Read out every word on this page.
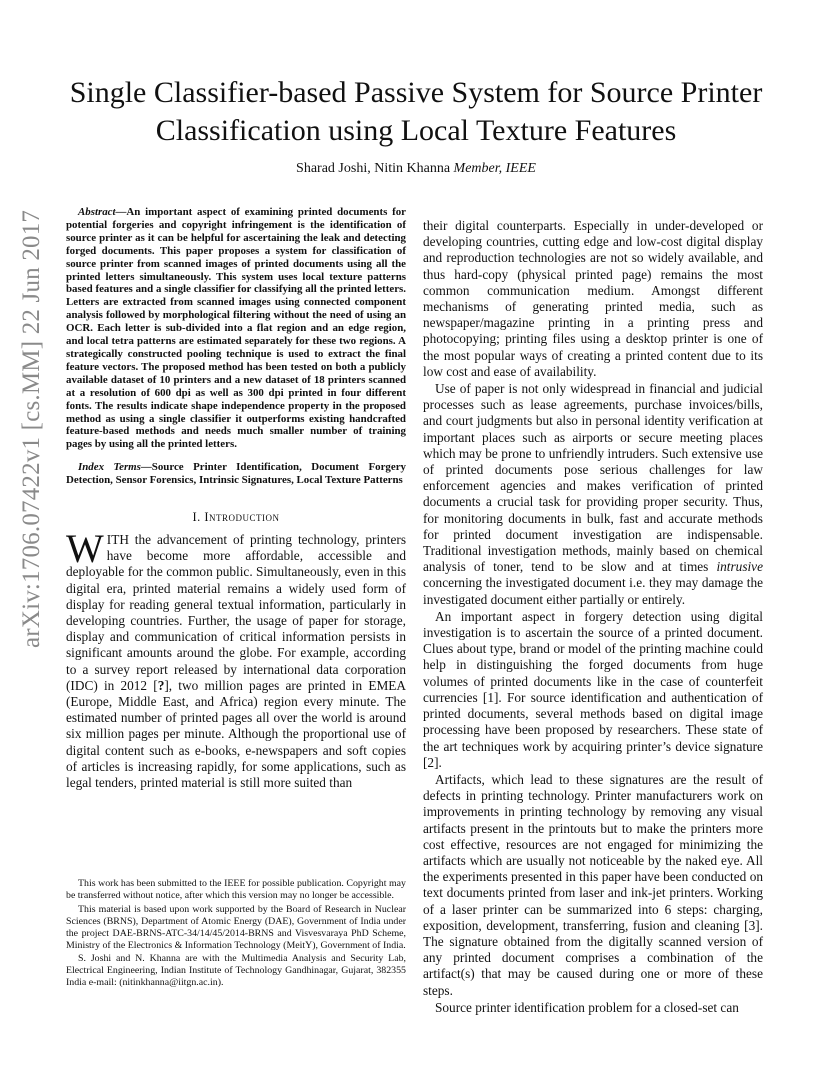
arXiv:1706.07422v1 [cs.MM] 22 Jun 2017
Single Classifier-based Passive System for Source Printer Classification using Local Texture Features
Sharad Joshi, Nitin Khanna Member, IEEE

Abstract—An important aspect of examining printed documents for potential forgeries and copyright infringement is the identification of source printer as it can be helpful for ascertaining the leak and detecting forged documents. This paper proposes a system for classification of source printer from scanned images of printed documents using all the printed letters simultaneously. This system uses local texture patterns based features and a single classifier for classifying all the printed letters. Letters are extracted from scanned images using connected component analysis followed by morphological filtering without the need of using an OCR. Each letter is sub-divided into a flat region and an edge region, and local tetra patterns are estimated separately for these two regions. A strategically constructed pooling technique is used to extract the final feature vectors. The proposed method has been tested on both a publicly available dataset of 10 printers and a new dataset of 18 printers scanned at a resolution of 600 dpi as well as 300 dpi printed in four different fonts. The results indicate shape independence property in the proposed method as using a single classifier it outperforms existing handcrafted feature-based methods and needs much smaller number of training pages by using all the printed letters.

Index Terms—Source Printer Identification, Document Forgery Detection, Sensor Forensics, Intrinsic Signatures, Local Texture Patterns

I. Introduction

WITH the advancement of printing technology, printers have become more affordable, accessible and deployable for the common public. Simultaneously, even in this digital era, printed material remains a widely used form of display for reading general textual information, particularly in developing countries. Further, the usage of paper for storage, display and communication of critical information persists in significant amounts around the globe. For example, according to a survey report released by international data corporation (IDC) in 2012 [?], two million pages are printed in EMEA (Europe, Middle East, and Africa) region every minute. The estimated number of printed pages all over the world is around six million pages per minute. Although the proportional use of digital content such as e-books, e-newspapers and soft copies of articles is increasing rapidly, for some applications, such as legal tenders, printed material is still more suited than

This work has been submitted to the IEEE for possible publication. Copyright may be transferred without notice, after which this version may no longer be accessible.

This material is based upon work supported by the Board of Research in Nuclear Sciences (BRNS), Department of Atomic Energy (DAE), Government of India under the project DAE-BRNS-ATC-34/14/45/2014-BRNS and Visvesvaraya PhD Scheme, Ministry of the Electronics & Information Technology (MeitY), Government of India.

S. Joshi and N. Khanna are with the Multimedia Analysis and Security Lab, Electrical Engineering, Indian Institute of Technology Gandhinagar, Gujarat, 382355 India e-mail: (nitinkhanna@iitgn.ac.in).

their digital counterparts. Especially in under-developed or developing countries, cutting edge and low-cost digital display and reproduction technologies are not so widely available, and thus hard-copy (physical printed page) remains the most common communication medium. Amongst different mechanisms of generating printed media, such as newspaper/magazine printing in a printing press and photocopying; printing files using a desktop printer is one of the most popular ways of creating a printed content due to its low cost and ease of availability.

Use of paper is not only widespread in financial and judicial processes such as lease agreements, purchase invoices/bills, and court judgments but also in personal identity verification at important places such as airports or secure meeting places which may be prone to unfriendly intruders. Such extensive use of printed documents pose serious challenges for law enforcement agencies and makes verification of printed documents a crucial task for providing proper security. Thus, for monitoring documents in bulk, fast and accurate methods for printed document investigation are indispensable. Traditional investigation methods, mainly based on chemical analysis of toner, tend to be slow and at times intrusive concerning the investigated document i.e. they may damage the investigated document either partially or entirely.

An important aspect in forgery detection using digital investigation is to ascertain the source of a printed document. Clues about type, brand or model of the printing machine could help in distinguishing the forged documents from huge volumes of printed documents like in the case of counterfeit currencies [1]. For source identification and authentication of printed documents, several methods based on digital image processing have been proposed by researchers. These state of the art techniques work by acquiring printer’s device signature [2].

Artifacts, which lead to these signatures are the result of defects in printing technology. Printer manufacturers work on improvements in printing technology by removing any visual artifacts present in the printouts but to make the printers more cost effective, resources are not engaged for minimizing the artifacts which are usually not noticeable by the naked eye. All the experiments presented in this paper have been conducted on text documents printed from laser and ink-jet printers. Working of a laser printer can be summarized into 6 steps: charging, exposition, development, transferring, fusion and cleaning [3]. The signature obtained from the digitally scanned version of any printed document comprises a combination of the artifact(s) that may be caused during one or more of these steps.

Source printer identification problem for a closed-set can
